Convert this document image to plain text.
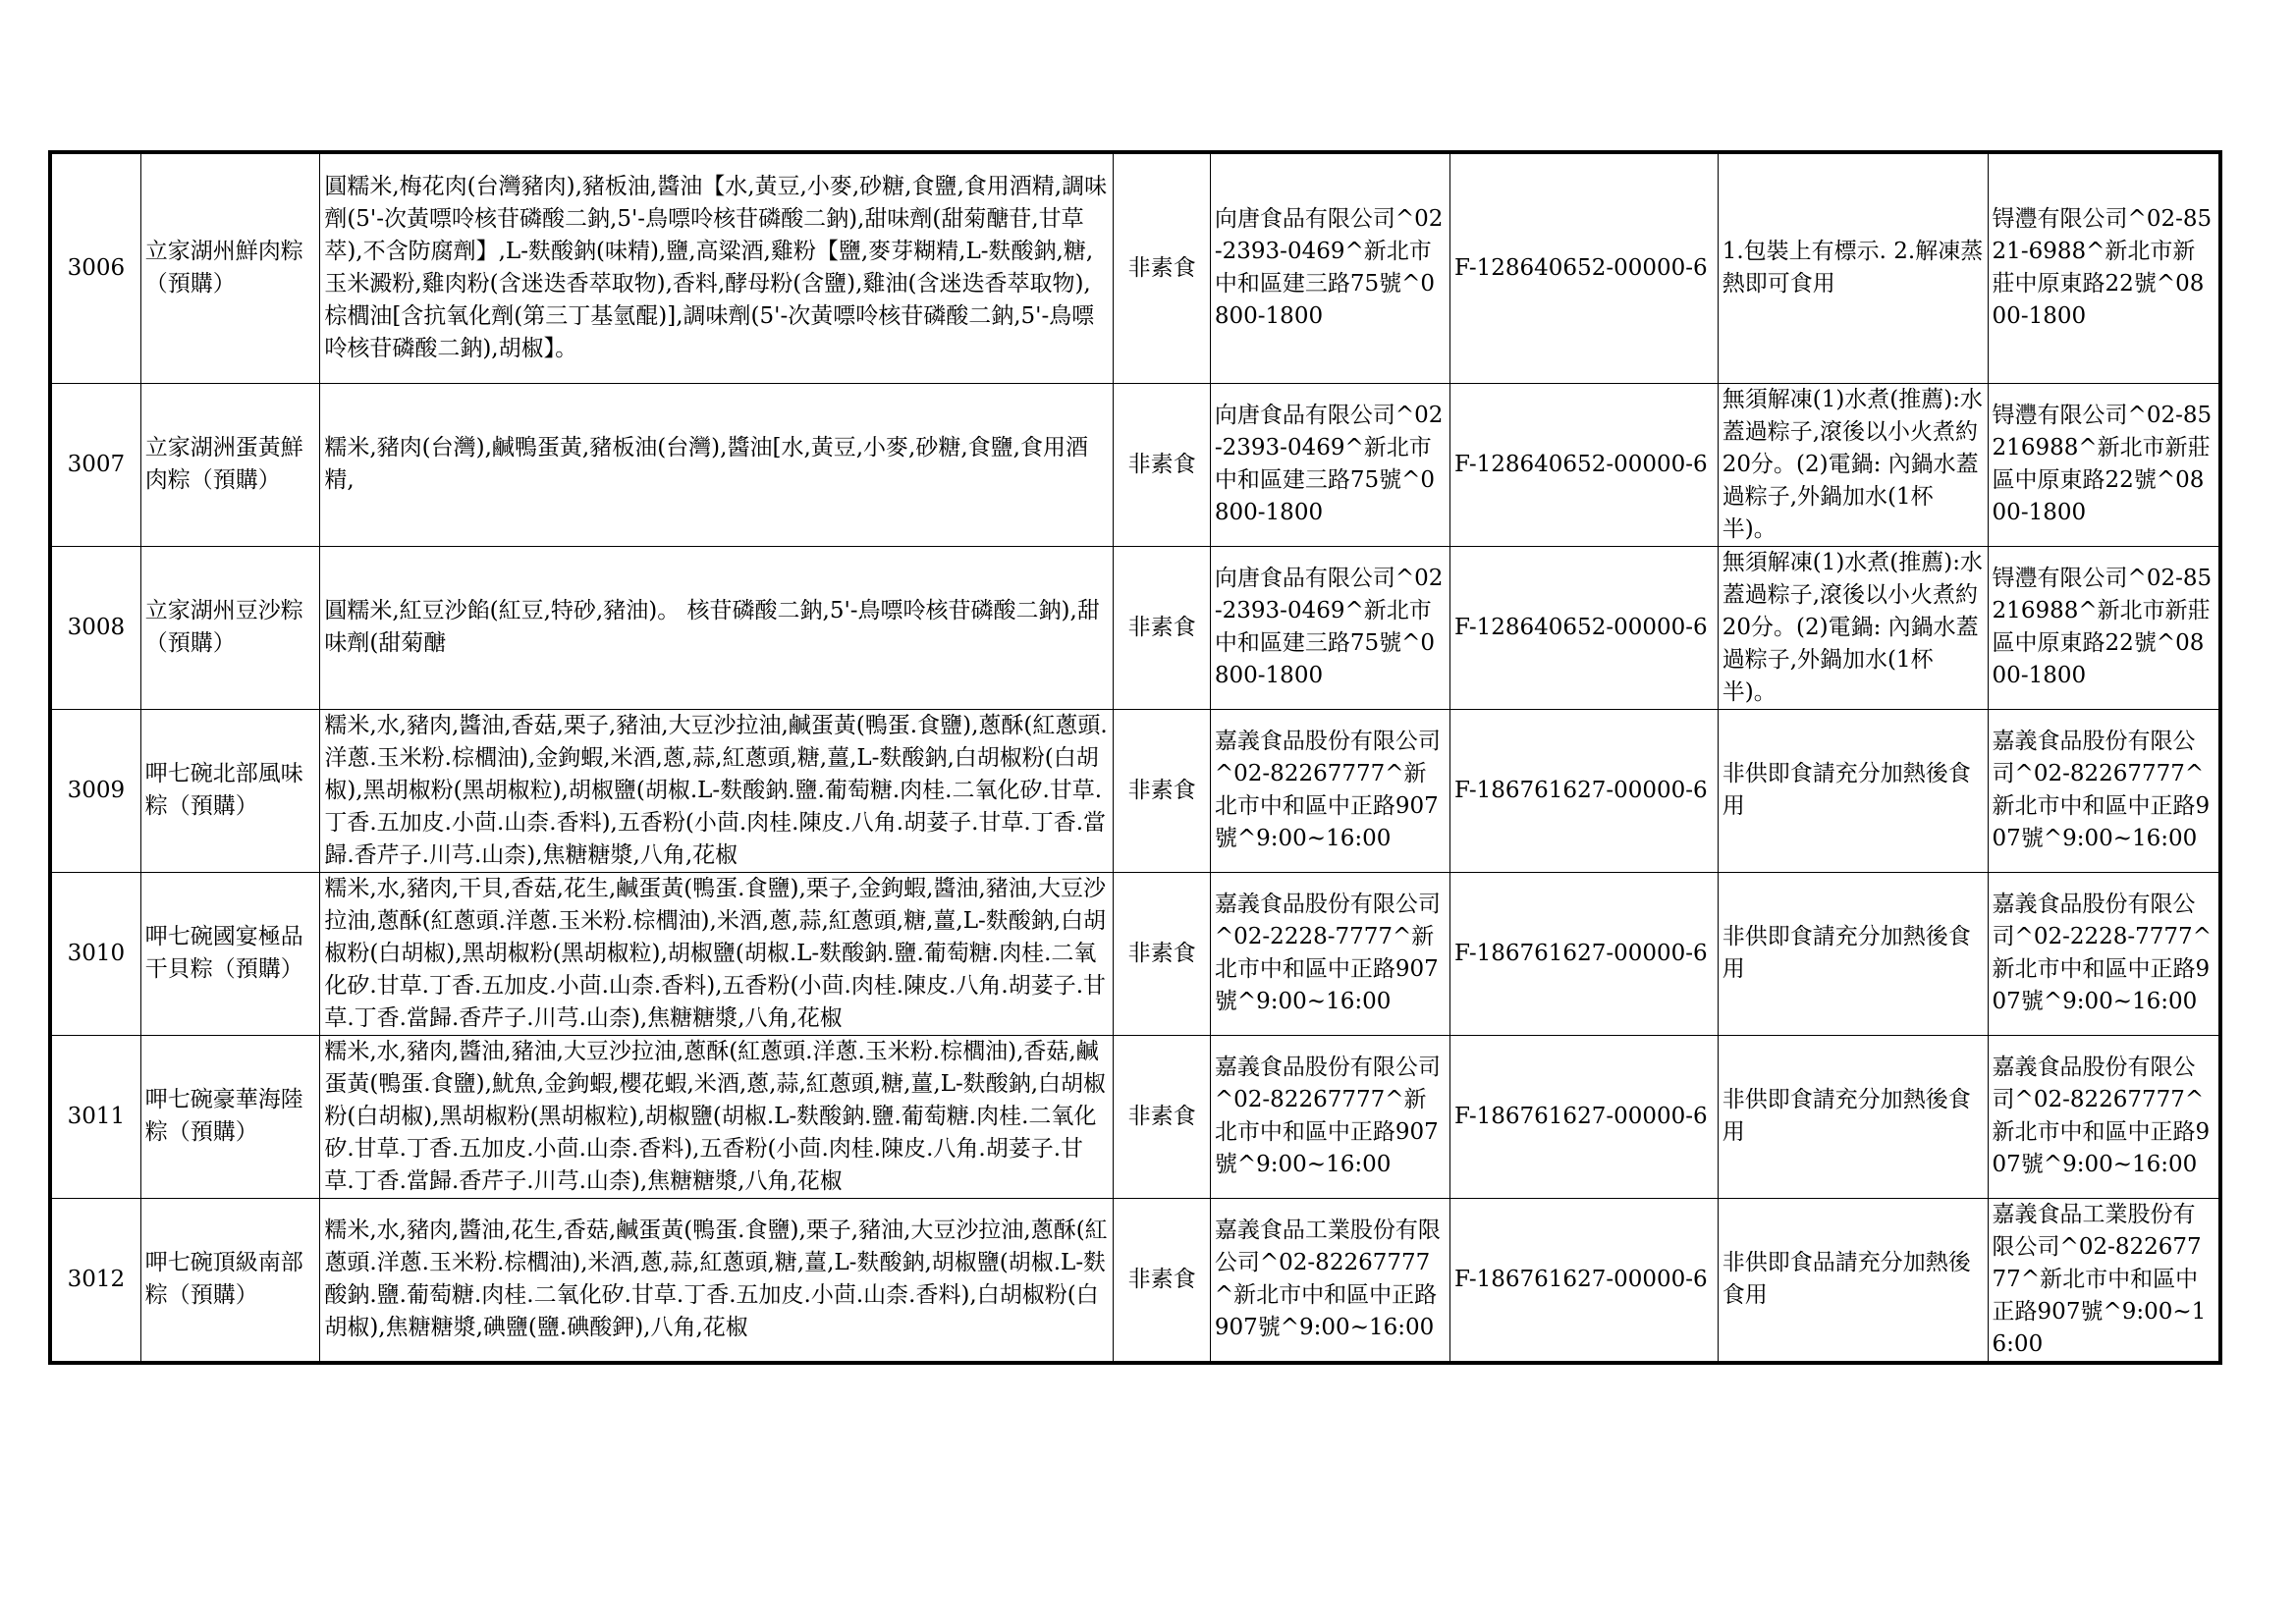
3006	立家湖州鮮肉粽（預購）	圓糯米,梅花肉(台灣豬肉),豬板油,醬油【水,黃豆,小麥,砂糖,食鹽,食用酒精,調味劑(5'-次黃嘌呤核苷磷酸二鈉,5'-鳥嘌呤核苷磷酸二鈉),甜味劑(甜菊醣苷,甘草萃),不含防腐劑】,L-麩酸鈉(味精),鹽,高粱酒,雞粉【鹽,麥芽糊精,L-麩酸鈉,糖,玉米澱粉,雞肉粉(含迷迭香萃取物),香料,酵母粉(含鹽),雞油(含迷迭香萃取物),棕櫚油[含抗氧化劑(第三丁基氫醌)],調味劑(5'-次黃嘌呤核苷磷酸二鈉,5'-鳥嘌呤核苷磷酸二鈉),胡椒】。	非素食	向唐食品有限公司^02-2393-0469^新北市中和區建三路75號^0800-1800	F-128640652-00000-6	1.包裝上有標示. 2.解凍蒸熱即可食用	锝灃有限公司^02-8521-6988^新北市新莊中原東路22號^0800-1800
3007	立家湖洲蛋黃鮮肉粽（預購）	糯米,豬肉(台灣),鹹鴨蛋黃,豬板油(台灣),醬油[水,黃豆,小麥,砂糖,食鹽,食用酒精,	非素食	向唐食品有限公司^02-2393-0469^新北市中和區建三路75號^0800-1800	F-128640652-00000-6	無須解凍(1)水煮(推薦):水蓋過粽子,滾後以小火煮約20分。(2)電鍋: 內鍋水蓋過粽子,外鍋加水(1杯半)。	锝灃有限公司^02-85216988^新北市新莊區中原東路22號^0800-1800
3008	立家湖州豆沙粽（預購）	圓糯米,紅豆沙餡(紅豆,特砂,豬油)。 核苷磷酸二鈉,5'-鳥嘌呤核苷磷酸二鈉),甜味劑(甜菊醣	非素食	向唐食品有限公司^02-2393-0469^新北市中和區建三路75號^0800-1800	F-128640652-00000-6	無須解凍(1)水煮(推薦):水蓋過粽子,滾後以小火煮約20分。(2)電鍋: 內鍋水蓋過粽子,外鍋加水(1杯半)。	锝灃有限公司^02-85216988^新北市新莊區中原東路22號^0800-1800
3009	呷七碗北部風味粽（預購）	糯米,水,豬肉,醬油,香菇,栗子,豬油,大豆沙拉油,鹹蛋黃(鴨蛋.食鹽),蔥酥(紅蔥頭.洋蔥.玉米粉.棕櫚油),金鉤蝦,米酒,蔥,蒜,紅蔥頭,糖,薑,L-麩酸鈉,白胡椒粉(白胡椒),黑胡椒粉(黑胡椒粒),胡椒鹽(胡椒.L-麩酸鈉.鹽.葡萄糖.肉桂.二氧化矽.甘草.丁香.五加皮.小茴.山柰.香料),五香粉(小茴.肉桂.陳皮.八角.胡荽子.甘草.丁香.當歸.香芹子.川芎.山柰),焦糖糖漿,八角,花椒	非素食	嘉義食品股份有限公司^02-82267777^新北市中和區中正路907號^9:00~16:00	F-186761627-00000-6	非供即食請充分加熱後食用	嘉義食品股份有限公司^02-82267777^新北市中和區中正路907號^9:00~16:00
3010	呷七碗國宴極品干貝粽（預購）	糯米,水,豬肉,干貝,香菇,花生,鹹蛋黃(鴨蛋.食鹽),栗子,金鉤蝦,醬油,豬油,大豆沙拉油,蔥酥(紅蔥頭.洋蔥.玉米粉.棕櫚油),米酒,蔥,蒜,紅蔥頭,糖,薑,L-麩酸鈉,白胡椒粉(白胡椒),黑胡椒粉(黑胡椒粒),胡椒鹽(胡椒.L-麩酸鈉.鹽.葡萄糖.肉桂.二氧化矽.甘草.丁香.五加皮.小茴.山柰.香料),五香粉(小茴.肉桂.陳皮.八角.胡荽子.甘草.丁香.當歸.香芹子.川芎.山柰),焦糖糖漿,八角,花椒	非素食	嘉義食品股份有限公司^02-2228-7777^新北市中和區中正路907號^9:00~16:00	F-186761627-00000-6	非供即食請充分加熱後食用	嘉義食品股份有限公司^02-2228-7777^新北市中和區中正路907號^9:00~16:00
3011	呷七碗豪華海陸粽（預購）	糯米,水,豬肉,醬油,豬油,大豆沙拉油,蔥酥(紅蔥頭.洋蔥.玉米粉.棕櫚油),香菇,鹹蛋黃(鴨蛋.食鹽),魷魚,金鉤蝦,櫻花蝦,米酒,蔥,蒜,紅蔥頭,糖,薑,L-麩酸鈉,白胡椒粉(白胡椒),黑胡椒粉(黑胡椒粒),胡椒鹽(胡椒.L-麩酸鈉.鹽.葡萄糖.肉桂.二氧化矽.甘草.丁香.五加皮.小茴.山柰.香料),五香粉(小茴.肉桂.陳皮.八角.胡荽子.甘草.丁香.當歸.香芹子.川芎.山柰),焦糖糖漿,八角,花椒	非素食	嘉義食品股份有限公司^02-82267777^新北市中和區中正路907號^9:00~16:00	F-186761627-00000-6	非供即食請充分加熱後食用	嘉義食品股份有限公司^02-82267777^新北市中和區中正路907號^9:00~16:00
3012	呷七碗頂級南部粽（預購）	糯米,水,豬肉,醬油,花生,香菇,鹹蛋黃(鴨蛋.食鹽),栗子,豬油,大豆沙拉油,蔥酥(紅蔥頭.洋蔥.玉米粉.棕櫚油),米酒,蔥,蒜,紅蔥頭,糖,薑,L-麩酸鈉,胡椒鹽(胡椒.L-麩酸鈉.鹽.葡萄糖.肉桂.二氧化矽.甘草.丁香.五加皮.小茴.山柰.香料),白胡椒粉(白胡椒),焦糖糖漿,碘鹽(鹽.碘酸鉀),八角,花椒	非素食	嘉義食品工業股份有限公司^02-82267777^新北市中和區中正路907號^9:00~16:00	F-186761627-00000-6	非供即食品請充分加熱後食用	嘉義食品工業股份有限公司^02-82267777^新北市中和區中正路907號^9:00~16:00
